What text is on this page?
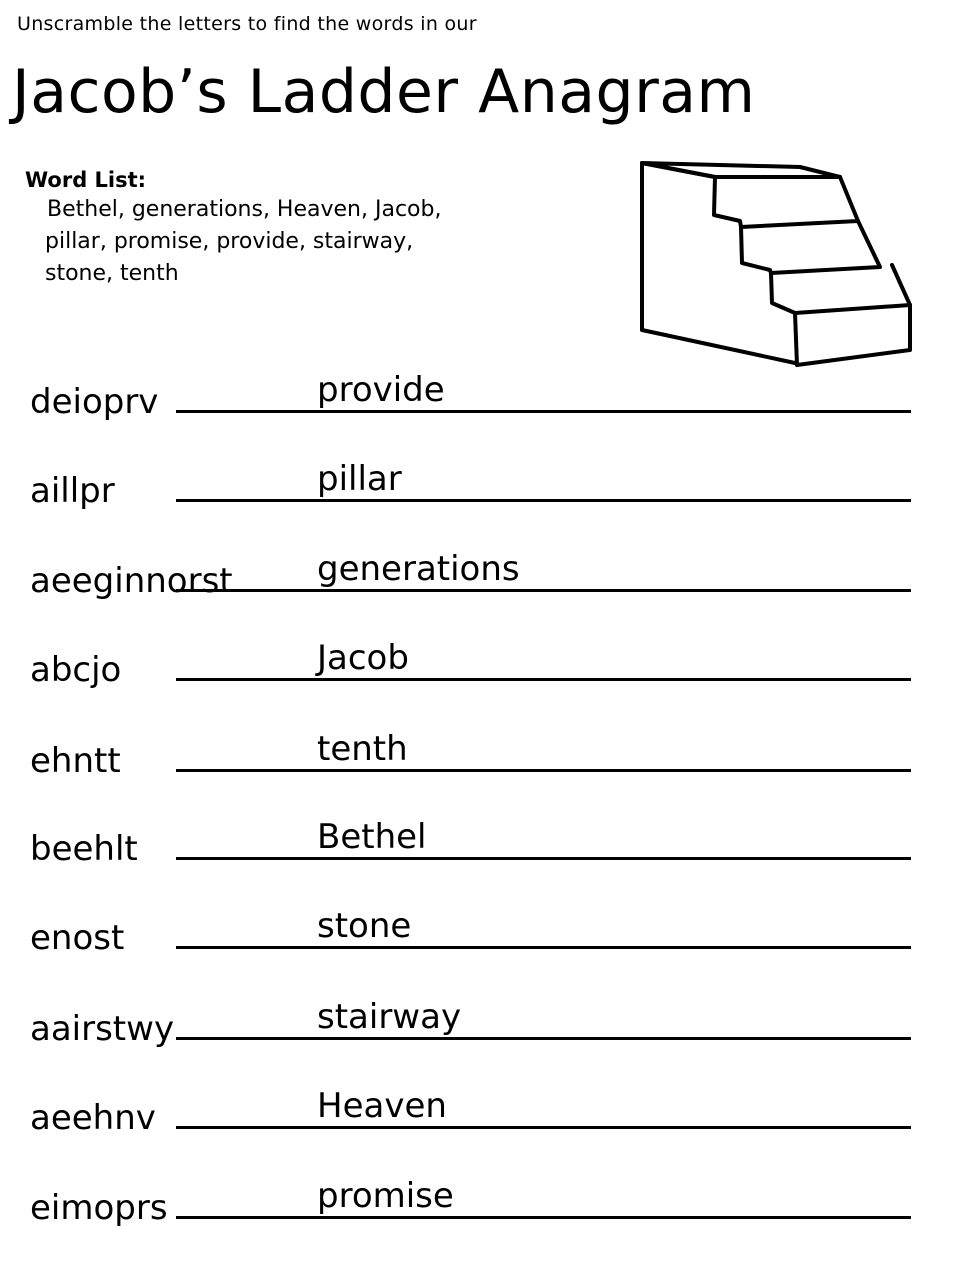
Unscramble the letters to find the words in our
Jacob’s Ladder Anagram
Word List:
Bethel, generations, Heaven, Jacob,
pillar, promise, provide, stairway,
stone, tenth
deioprv	provide
aillpr	pillar
aeeginnorst generations
abcjo	Jacob
ehntt	tenth
beehlt	Bethel
enost	stone
aairstwy	stairway
aeehnv	Heaven
eimoprs	promise
